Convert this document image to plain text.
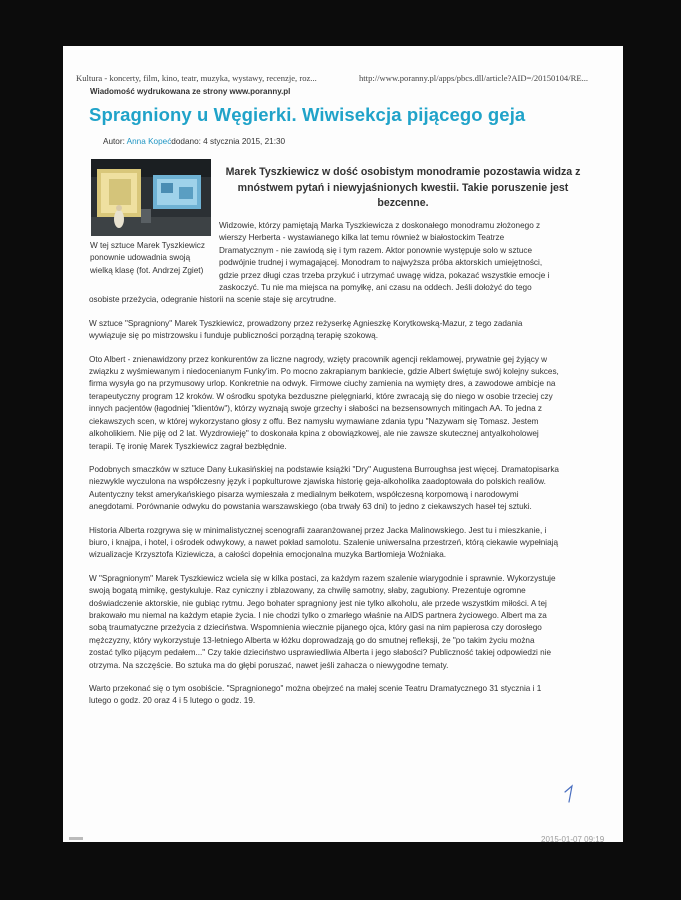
Kultura - koncerty, film, kino, teatr, muzyka, wystawy, recenzje, roz...	http://www.poranny.pl/apps/pbcs.dll/article?AID=/20150104/RE...
Wiadomość wydrukowana ze strony www.poranny.pl
Spragniony u Węgierki. Wiwisekcja pijącego geja
Autor: Anna Kopećdodano: 4 stycznia 2015, 21:30
W tej sztuce Marek Tyszkiewicz ponownie udowadnia swoją wielką klasę (fot. Andrzej Zgiet)
Marek Tyszkiewicz w dość osobistym monodramie pozostawia widza z mnóstwem pytań i niewyjaśnionych kwestii. Takie poruszenie jest bezcenne.

Widzowie, którzy pamiętają Marka Tyszkiewicza z doskonałego monodramu złożonego z wierszy Herberta - wystawianego kilka lat temu również w białostockim Teatrze Dramatycznym - nie zawiodą się i tym razem. Aktor ponownie występuje solo w sztuce podwójnie trudnej i wymagającej. Monodram to najwyższa próba aktorskich umiejętności, gdzie przez długi czas trzeba przykuć i utrzymać uwagę widza, pokazać wszystkie emocje i zaskoczyć. Tu nie ma miejsca na pomyłkę, ani czasu na oddech. Jeśli dołożyć do tego
osobiste przeżycia, odegranie historii na scenie staje się arcytrudne.

W sztuce "Spragniony" Marek Tyszkiewicz, prowadzony przez reżyserkę Agnieszkę Korytkowską-Mazur, z tego zadania wywiązuje się po mistrzowsku i funduje publiczności porządną terapię szokową.

Oto Albert - znienawidzony przez konkurentów za liczne nagrody, wzięty pracownik agencji reklamowej, prywatnie gej żyjący w związku z wyśmiewanym i niedocenianym Funky'im. Po mocno zakrapianym bankiecie, gdzie Albert świętuje swój kolejny sukces, firma wysyła go na przymusowy urlop. Konkretnie na odwyk. Firmowe ciuchy zamienia na wymięty dres, a zawodowe ambicje na terapeutyczny program 12 kroków. W ośrodku spotyka bezduszne pielęgniarki, które zwracają się do niego w osobie trzeciej czy innych pacjentów (łagodniej "klientów"), którzy wyznają swoje grzechy i słabości na bezsensownych mitingach AA. To jedna z ciekawszych scen, w której wykorzystano głosy z offu. Bez namysłu wymawiane zdania typu "Nazywam się Tomasz. Jestem alkoholikiem. Nie piję od 2 lat. Wyzdrowieję" to doskonała kpina z obowiązkowej, ale nie zawsze skutecznej antyalkoholowej terapii. Tę ironię Marek Tyszkiewicz zagrał bezbłędnie.

Podobnych smaczków w sztuce Dany Łukasińskiej na podstawie książki "Dry" Augustena Burroughsa jest więcej. Dramatopisarka niezwykle wyczulona na współczesny język i popkulturowe zjawiska historię geja-alkoholika zaadoptowała do polskich realiów. Autentyczny tekst amerykańskiego pisarza wymieszała z medialnym bełkotem, współczesną korpomową i narodowymi anegdotami. Porównanie odwyku do powstania warszawskiego (oba trwały 63 dni) to jedno z ciekawszych haseł tej sztuki.

Historia Alberta rozgrywa się w minimalistycznej scenografii zaaranżowanej przez Jacka Malinowskiego. Jest tu i mieszkanie, i biuro, i knajpa, i hotel, i ośrodek odwykowy, a nawet pokład samolotu. Szalenie uniwersalna przestrzeń, którą ciekawie wypełniają wizualizacje Krzysztofa Kiziewicza, a całości dopełnia emocjonalna muzyka Bartłomieja Woźniaka.

W "Spragnionym" Marek Tyszkiewicz wciela się w kilka postaci, za każdym razem szalenie wiarygodnie i sprawnie. Wykorzystuje swoją bogatą mimikę, gestykuluje. Raz cyniczny i zblazowany, za chwilę samotny, słaby, zagubiony. Prezentuje ogromne doświadczenie aktorskie, nie gubiąc rytmu. Jego bohater spragniony jest nie tylko alkoholu, ale przede wszystkim miłości. A tej brakowało mu niemal na każdym etapie życia. I nie chodzi tylko o zmarłego właśnie na AIDS partnera życiowego. Albert ma za sobą traumatyczne przeżycia z dzieciństwa. Wspomnienia wiecznie pijanego ojca, który gasi na nim papierosa czy dorosłego mężczyzny, który wykorzystuje 13-letniego Alberta w łóżku doprowadzają go do smutnej refleksji, że "po takim życiu można zostać tylko pijącym pedałem..." Czy takie dzieciństwo usprawiedliwia Alberta i jego słabości? Publiczność takiej odpowiedzi nie otrzyma. Na szczęście. Bo sztuka ma do głębi poruszać, nawet jeśli zahacza o niewygodne tematy.

Warto przekonać się o tym osobiście. "Spragnionego" można obejrzeć na małej scenie Teatru Dramatycznego 31 stycznia i 1 lutego o godz. 20 oraz 4 i 5 lutego o godz. 19.

2015-01-07 09:19
